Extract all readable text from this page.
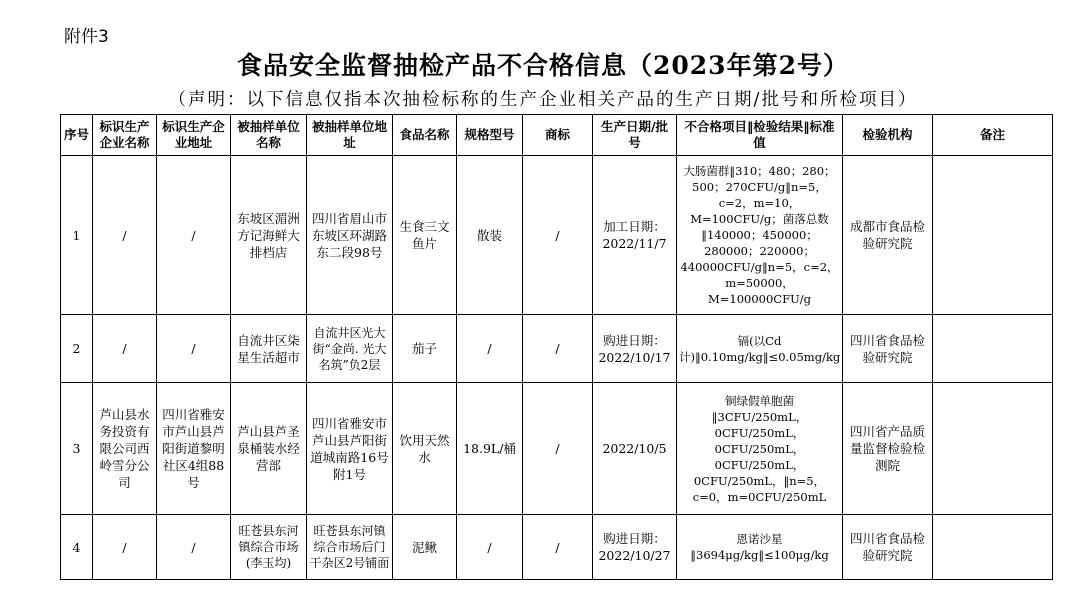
附件3
食品安全监督抽检产品不合格信息（2023年第2号）
（声明：以下信息仅指本次抽检标称的生产企业相关产品的生产日期/批号和所检项目）
序号	标识生产企业名称	标识生产企业地址	被抽样单位名称	被抽样单位地址	食品名称	规格型号	商标	生产日期/批号	不合格项目‖检验结果‖标准值	检验机构	备注
1	/	/	东坡区湄洲方记海鲜大排档店	四川省眉山市东坡区环湖路东二段98号	生食三文鱼片	散装	/	加工日期：2022/11/7	大肠菌群‖310；480；280；500；270CFU/g‖n=5，c=2，m=10，M=100CFU/g；菌落总数‖140000；450000；280000；220000；440000CFU/g‖n=5，c=2，m=50000，M=100000CFU/g	成都市食品检验研究院	
2	/	/	自流井区柒星生活超市	自流井区光大街“金尚. 光大名筑”负2层	茄子	/	/	购进日期：2022/10/17	镉(以Cd计)‖0.10mg/kg‖≤0.05mg/kg	四川省食品检验研究院	
3	芦山县水务投资有限公司西岭雪分公司	四川省雅安市芦山县芦阳街道黎明社区4组88号	芦山县芦圣泉桶装水经营部	四川省雅安市芦山县芦阳街道城南路16号附1号	饮用天然水	18.9L/桶	/	2022/10/5	铜绿假单胞菌‖3CFU/250mL，0CFU/250mL，0CFU/250mL，0CFU/250mL，0CFU/250mL，‖n=5，c=0，m=0CFU/250mL	四川省产品质量监督检验检测院	
4	/	/	旺苍县东河镇综合市场(李玉均)	旺苍县东河镇综合市场后门干杂区2号铺面	泥鳅	/	/	购进日期：2022/10/27	恩诺沙星‖3694μg/kg‖≤100μg/kg	四川省食品检验研究院	
